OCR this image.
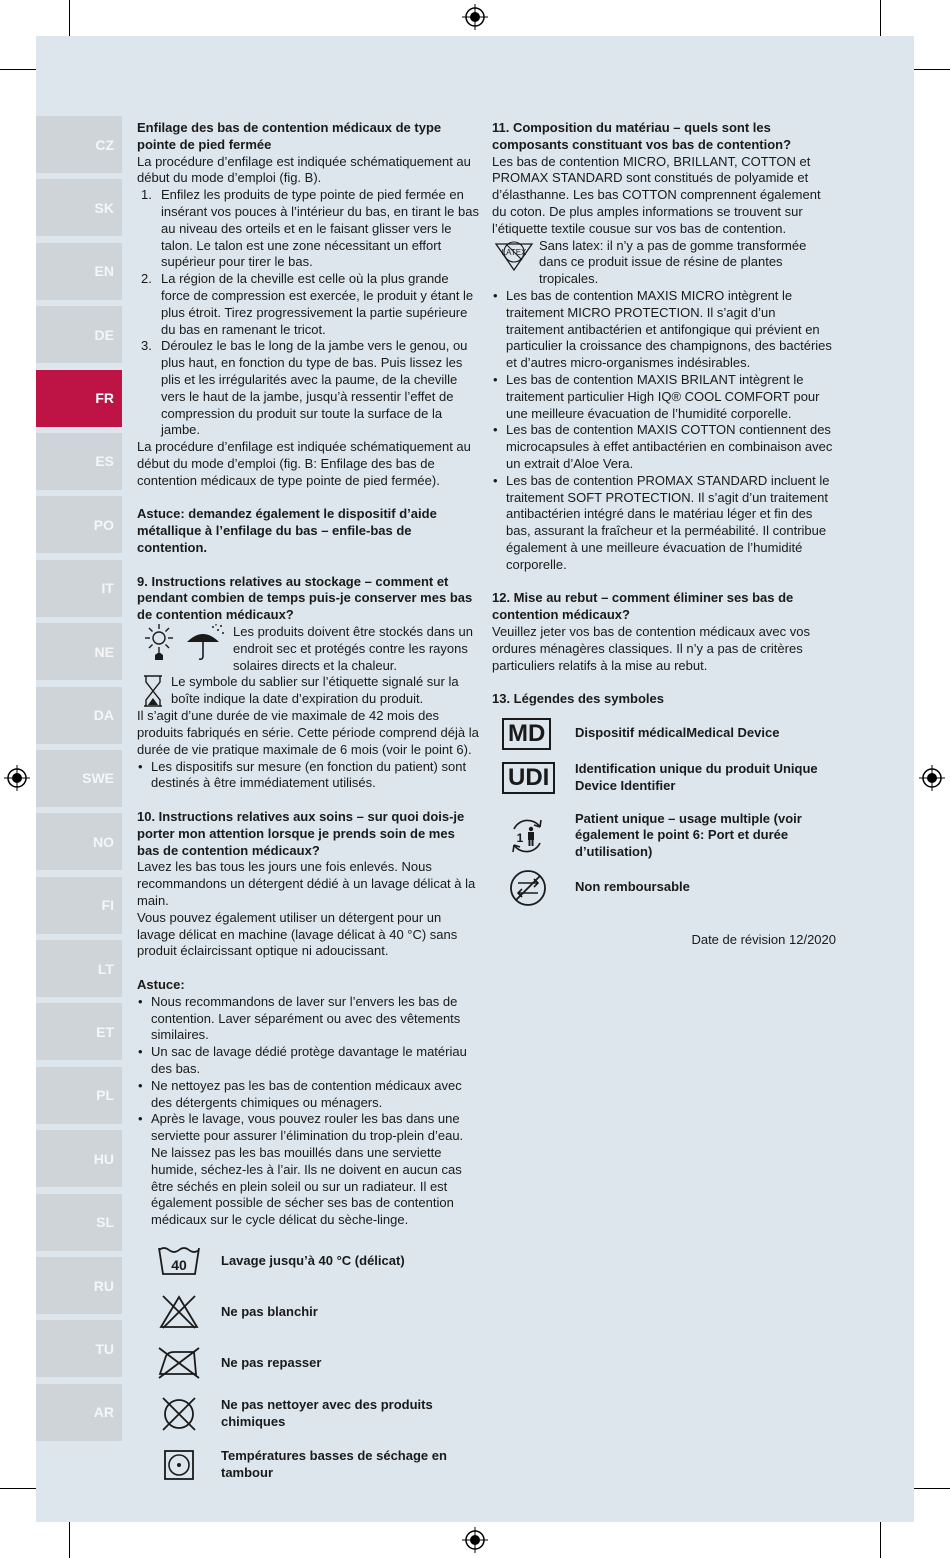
CZ
SK
EN
DE
FR
ES
PO
IT
NE
DA
SWE
NO
FI
LT
ET
PL
HU
SL
RU
TU
AR

Enfilage des bas de contention médicaux de type pointe de pied fermée

La procédure d’enfilage est indiquée schématiquement au début du mode d’emploi (fig. B).

1. Enfilez les produits de type pointe de pied fermée en insérant vos pouces à l’intérieur du bas, en tirant le bas au niveau des orteils et en le faisant glisser vers le talon. Le talon est une zone nécessitant un effort supérieur pour tirer le bas.
2. La région de la cheville est celle où la plus grande force de compression est exercée, le produit y étant le plus étroit. Tirez progressivement la partie supérieure du bas en ramenant le tricot.
3. Déroulez le bas le long de la jambe vers le genou, ou plus haut, en fonction du type de bas. Puis lissez les plis et les irrégularités avec la paume, de la cheville vers le haut de la jambe, jusqu’à ressentir l’effet de compression du produit sur toute la surface de la jambe.

La procédure d’enfilage est indiquée schématiquement au début du mode d’emploi (fig. B: Enfilage des bas de contention médicaux de type pointe de pied fermée).

Astuce: demandez également le dispositif d’aide métallique à l’enfilage du bas – enfile-bas de contention.

9. Instructions relatives au stockage – comment et pendant combien de temps puis-je conserver mes bas de contention médicaux?

Les produits doivent être stockés dans un endroit sec et protégés contre les rayons solaires directs et la chaleur.

Le symbole du sablier sur l’étiquette signalé sur la boîte indique la date d’expiration du produit.

Il s’agit d’une durée de vie maximale de 42 mois des produits fabriqués en série. Cette période comprend déjà la durée de vie pratique maximale de 6 mois (voir le point 6).

• Les dispositifs sur mesure (en fonction du patient) sont destinés à être immédiatement utilisés.

10. Instructions relatives aux soins – sur quoi dois-je porter mon attention lorsque je prends soin de mes bas de contention médicaux?

Lavez les bas tous les jours une fois enlevés. Nous recommandons un détergent dédié à un lavage délicat à la main.

Vous pouvez également utiliser un détergent pour un lavage délicat en machine (lavage délicat à 40 °C) sans produit éclaircissant optique ni adoucissant.

Astuce:

• Nous recommandons de laver sur l’envers les bas de contention. Laver séparément ou avec des vêtements similaires.
• Un sac de lavage dédié protège davantage le matériau des bas.
• Ne nettoyez pas les bas de contention médicaux avec des détergents chimiques ou ménagers.
• Après le lavage, vous pouvez rouler les bas dans une serviette pour assurer l’élimination du trop-plein d’eau. Ne laissez pas les bas mouillés dans une serviette humide, séchez-les à l’air. Ils ne doivent en aucun cas être séchés en plein soleil ou sur un radiateur. Il est également possible de sécher ses bas de contention médicaux sur le cycle délicat du sèche-linge.
40	Lavage jusqu’à 40 °C (délicat)
Ne pas blanchir
Ne pas repasser
Ne pas nettoyer avec des produits chimiques
Températures basses de séchage en tambour

11. Composition du matériau – quels sont les composants constituant vos bas de contention?

Les bas de contention MICRO, BRILLANT, COTTON et PROMAX STANDARD sont constitués de polyamide et d’élasthanne. Les bas COTTON comprennent également du coton. De plus amples informations se trouvent sur l’étiquette textile cousue sur vos bas de contention.

LATEX Sans latex: il n’y a pas de gomme transformée dans ce produit issue de résine de plantes tropicales.

• Les bas de contention MAXIS MICRO intègrent le traitement MICRO PROTECTION. Il s’agit d’un traitement antibactérien et antifongique qui prévient en particulier la croissance des champignons, des bactéries et d’autres micro-organismes indésirables.
• Les bas de contention MAXIS BRILANT intègrent le traitement particulier High IQ® COOL COMFORT pour une meilleure évacuation de l’humidité corporelle.
• Les bas de contention MAXIS COTTON contiennent des microcapsules à effet antibactérien en combinaison avec un extrait d’Aloe Vera.
• Les bas de contention PROMAX STANDARD incluent le traitement SOFT PROTECTION. Il s’agit d’un traitement antibactérien intégré dans le matériau léger et fin des bas, assurant la fraîcheur et la perméabilité. Il contribue également à une meilleure évacuation de l’humidité corporelle.

12. Mise au rebut – comment éliminer ses bas de contention médicaux?

Veuillez jeter vos bas de contention médicaux avec vos ordures ménagères classiques. Il n’y a pas de critères particuliers relatifs à la mise au rebut.

13. Légendes des symboles

MD	Dispositif médicalMedical Device
UDI	Identification unique du produit Unique Device Identifier
1
Patient unique – usage multiple (voir également le point 6: Port et durée d’utilisation)
Non remboursable

Date de révision 12/2020
